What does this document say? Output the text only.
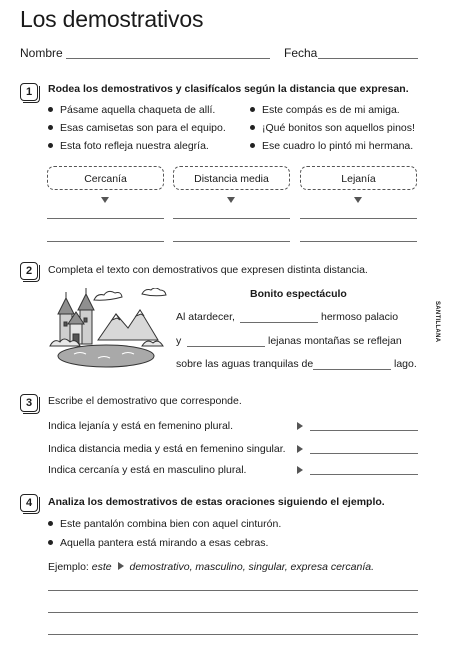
Los demostrativos
Nombre	Fecha
1	Rodea los demostrativos y clasifícalos según la distancia que expresan.
Pásame aquella chaqueta de allí.
Esas camisetas son para el equipo.
Esta foto refleja nuestra alegría.
Este compás es de mi amiga.
¡Qué bonitos son aquellos pinos!
Ese cuadro lo pintó mi hermana.
Cercanía	Distancia media	Lejanía
2	Completa el texto con demostrativos que expresen distinta distancia.
Bonito espectáculo
Al atardecer,	hermoso palacio
y	lejanas montañas se reflejan
sobre las aguas tranquilas de	lago.
SANTILLANA
3	Escribe el demostrativo que corresponde.
Indica lejanía y está en femenino plural.
Indica distancia media y está en femenino singular.
Indica cercanía y está en masculino plural.
4	Analiza los demostrativos de estas oraciones siguiendo el ejemplo.
Este pantalón combina bien con aquel cinturón.
Aquella pantera está mirando a esas cebras.
Ejemplo: este demostrativo, masculino, singular, expresa cercanía.
